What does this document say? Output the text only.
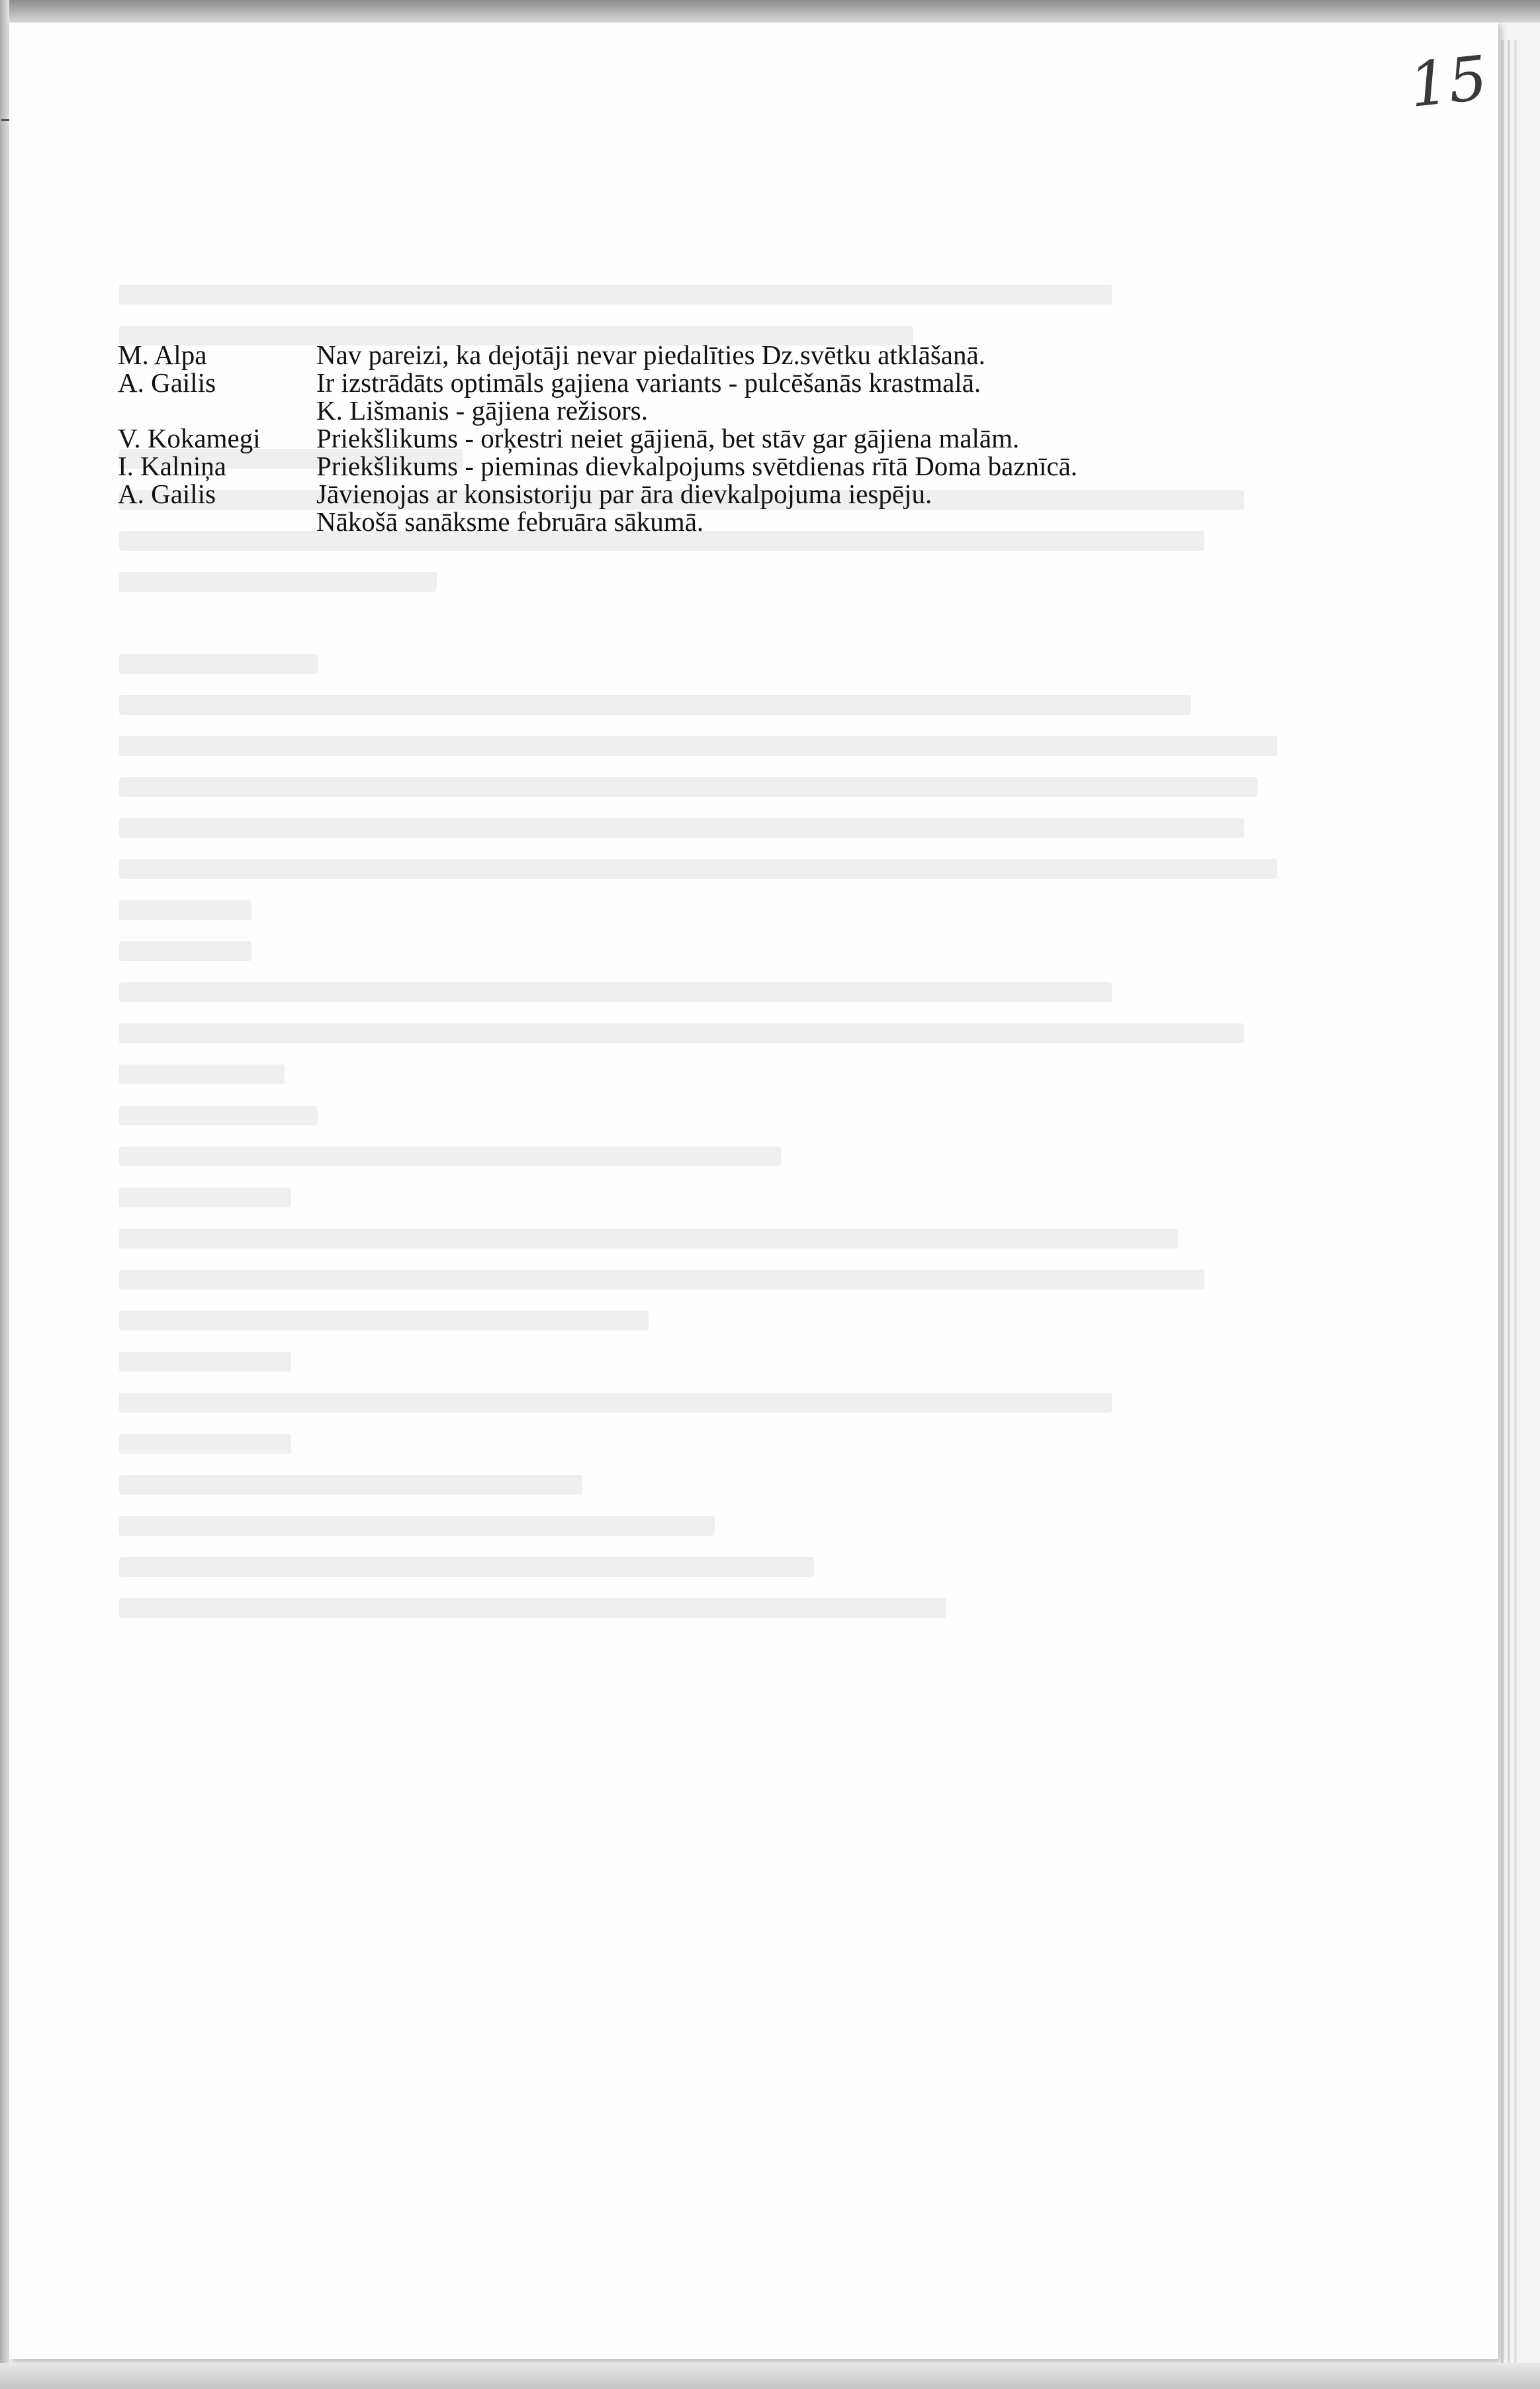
15
M. Alpa	Nav pareizi, ka dejotāji nevar piedalīties Dz.svētku atklāšanā.
A. Gailis	Ir izstrādāts optimāls gajiena variants - pulcēšanās krastmalā.
K. Lišmanis - gājiena režisors.
V. Kokamegi	Priekšlikums - orķestri neiet gājienā, bet stāv gar gājiena malām.
I. Kalniņa	Priekšlikums - pieminas dievkalpojums svētdienas rītā Doma baznīcā.
A. Gailis	Jāvienojas ar konsistoriju par āra dievkalpojuma iespēju.
Nākošā sanāksme februāra sākumā.
